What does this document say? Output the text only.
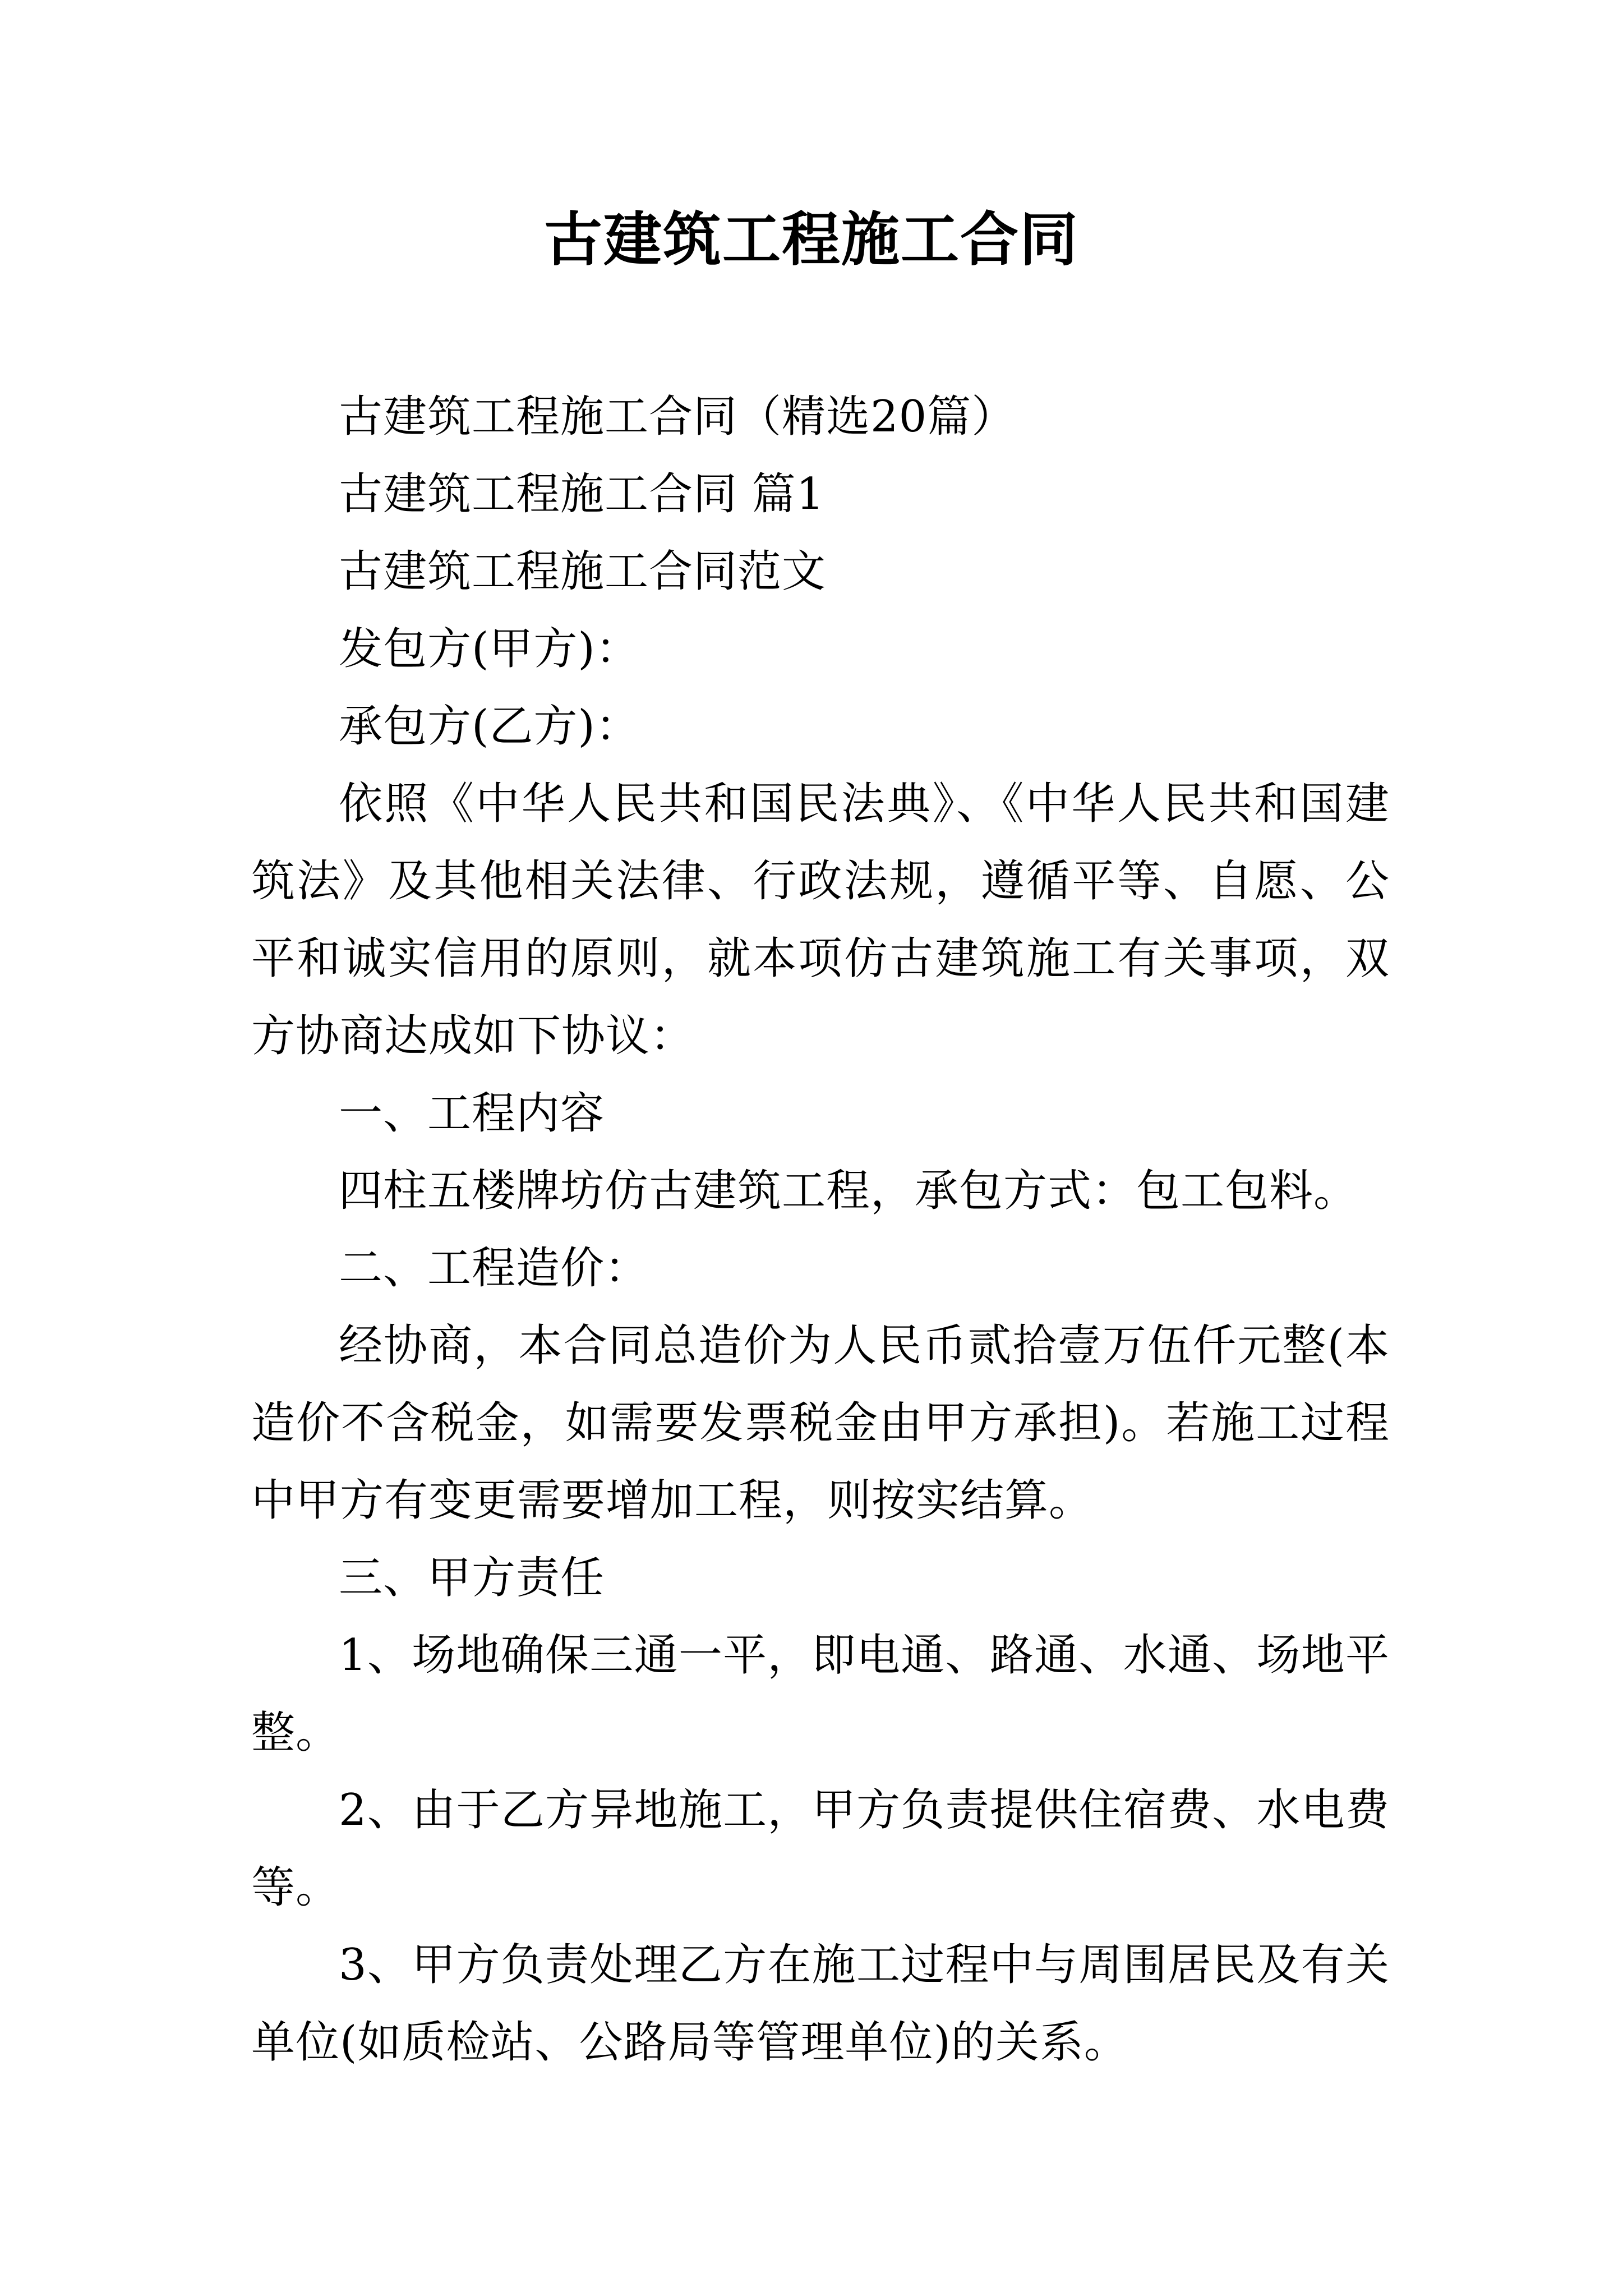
古建筑工程施工合同

古建筑工程施工合同（精选20篇）

古建筑工程施工合同 篇1

古建筑工程施工合同范文

发包方(甲方)：

承包方(乙方)：

依照《中华人民共和国民法典》、《中华人民共和国建筑法》及其他相关法律、行政法规，遵循平等、自愿、公平和诚实信用的原则，就本项仿古建筑施工有关事项，双方协商达成如下协议：

一、工程内容

四柱五楼牌坊仿古建筑工程，承包方式：包工包料。

二、工程造价：

经协商，本合同总造价为人民币贰拾壹万伍仟元整(本造价不含税金，如需要发票税金由甲方承担)。若施工过程中甲方有变更需要增加工程，则按实结算。

三、甲方责任

1、场地确保三通一平，即电通、路通、水通、场地平整。

2、由于乙方异地施工，甲方负责提供住宿费、水电费等。

3、甲方负责处理乙方在施工过程中与周围居民及有关单位(如质检站、公路局等管理单位)的关系。
